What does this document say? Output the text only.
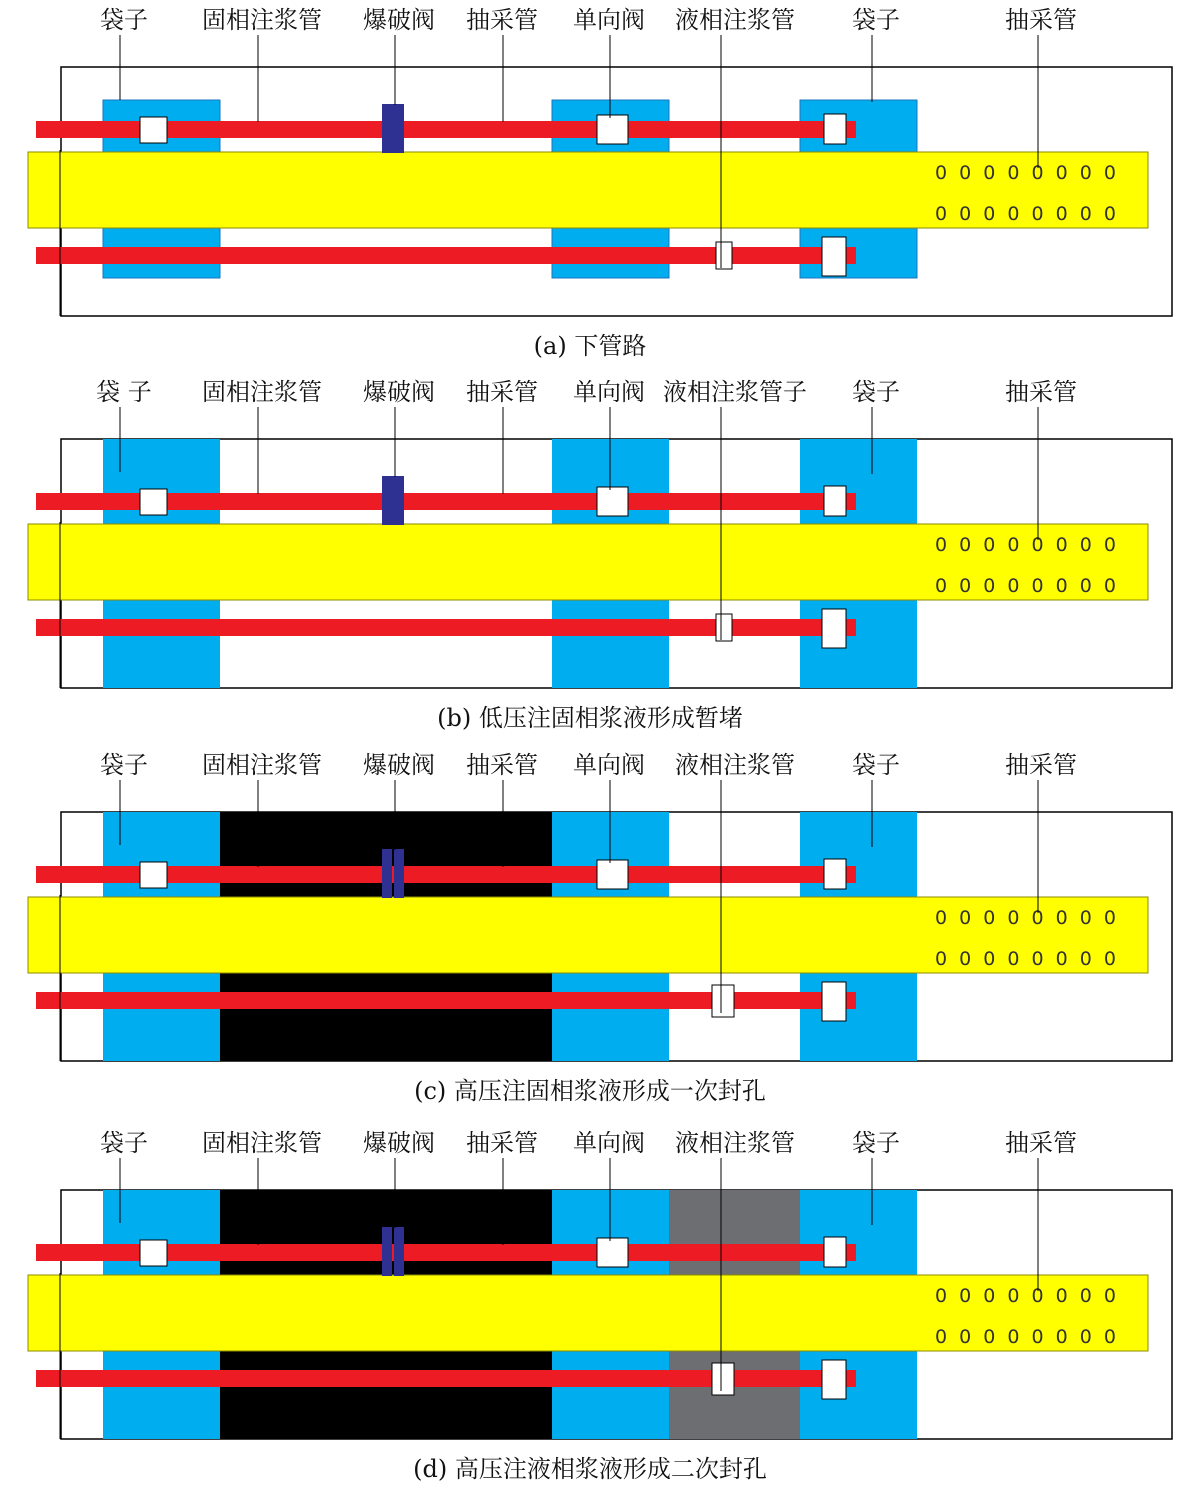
0 0 0 0 0 0 0 0
0 0 0 0 0 0 0 0
袋子 固相注浆管 爆破阀 抽采管 单向阀 液相注浆管 袋子	抽采管
(a) 下管路
0 0 0 0 0 0 0 0
0 0 0 0 0 0 0 0
袋 子 固相注浆管 爆破阀 抽采管 单向阀 液相注浆管子 袋子	抽采管
(b) 低压注固相浆液形成暂堵
0 0 0 0 0 0 0 0
0 0 0 0 0 0 0 0
袋子 固相注浆管 爆破阀 抽采管 单向阀 液相注浆管 袋子	抽采管
(c) 高压注固相浆液形成一次封孔
0 0 0 0 0 0 0 0
0 0 0 0 0 0 0 0
袋子 固相注浆管 爆破阀 抽采管 单向阀 液相注浆管 袋子	抽采管
(d) 高压注液相浆液形成二次封孔
